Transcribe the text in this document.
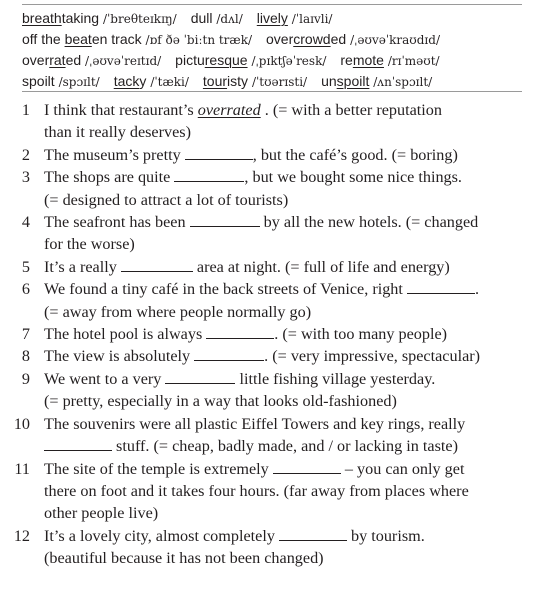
breathtaking /ˈbreθteɪkɪŋ/ dull /dʌl/ lively /ˈlaɪvli/
off the beaten track /ɒf ðə ˈbiːtn træk/ overcrowded /ˌəʊvəˈkraʊdɪd/
overrated /ˌəʊvəˈreɪtɪd/ picturesque /ˌpɪktʃəˈresk/ remote /rɪˈməʊt/
spoilt /spɔɪlt/ tacky /ˈtæki/ touristy /ˈtʊərɪsti/ unspoilt /ʌnˈspɔɪlt/
1 I think that restaurant’s overrated . (= with a better reputation
than it really deserves)
2 The museum’s pretty	, but the café’s good. (= boring)
3 The shops are quite	, but we bought some nice things.
(= designed to attract a lot of tourists)
4 The seafront has been	by all the new hotels. (= changed
for the worse)
5 It’s a really	area at night. (= full of life and energy)
6 We found a tiny café in the back streets of Venice, right	.
(= away from where people normally go)
7 The hotel pool is always	. (= with too many people)
8 The view is absolutely	. (= very impressive, spectacular)
9 We went to a very	little fishing village yesterday.
(= pretty, especially in a way that looks old-fashioned)
10 The souvenirs were all plastic Eiffel Towers and key rings, really
stuff. (= cheap, badly made, and / or lacking in taste)
11 The site of the temple is extremely	– you can only get
there on foot and it takes four hours. (far away from places where
other people live)
12 It’s a lovely city, almost completely	by tourism.
(beautiful because it has not been changed)
